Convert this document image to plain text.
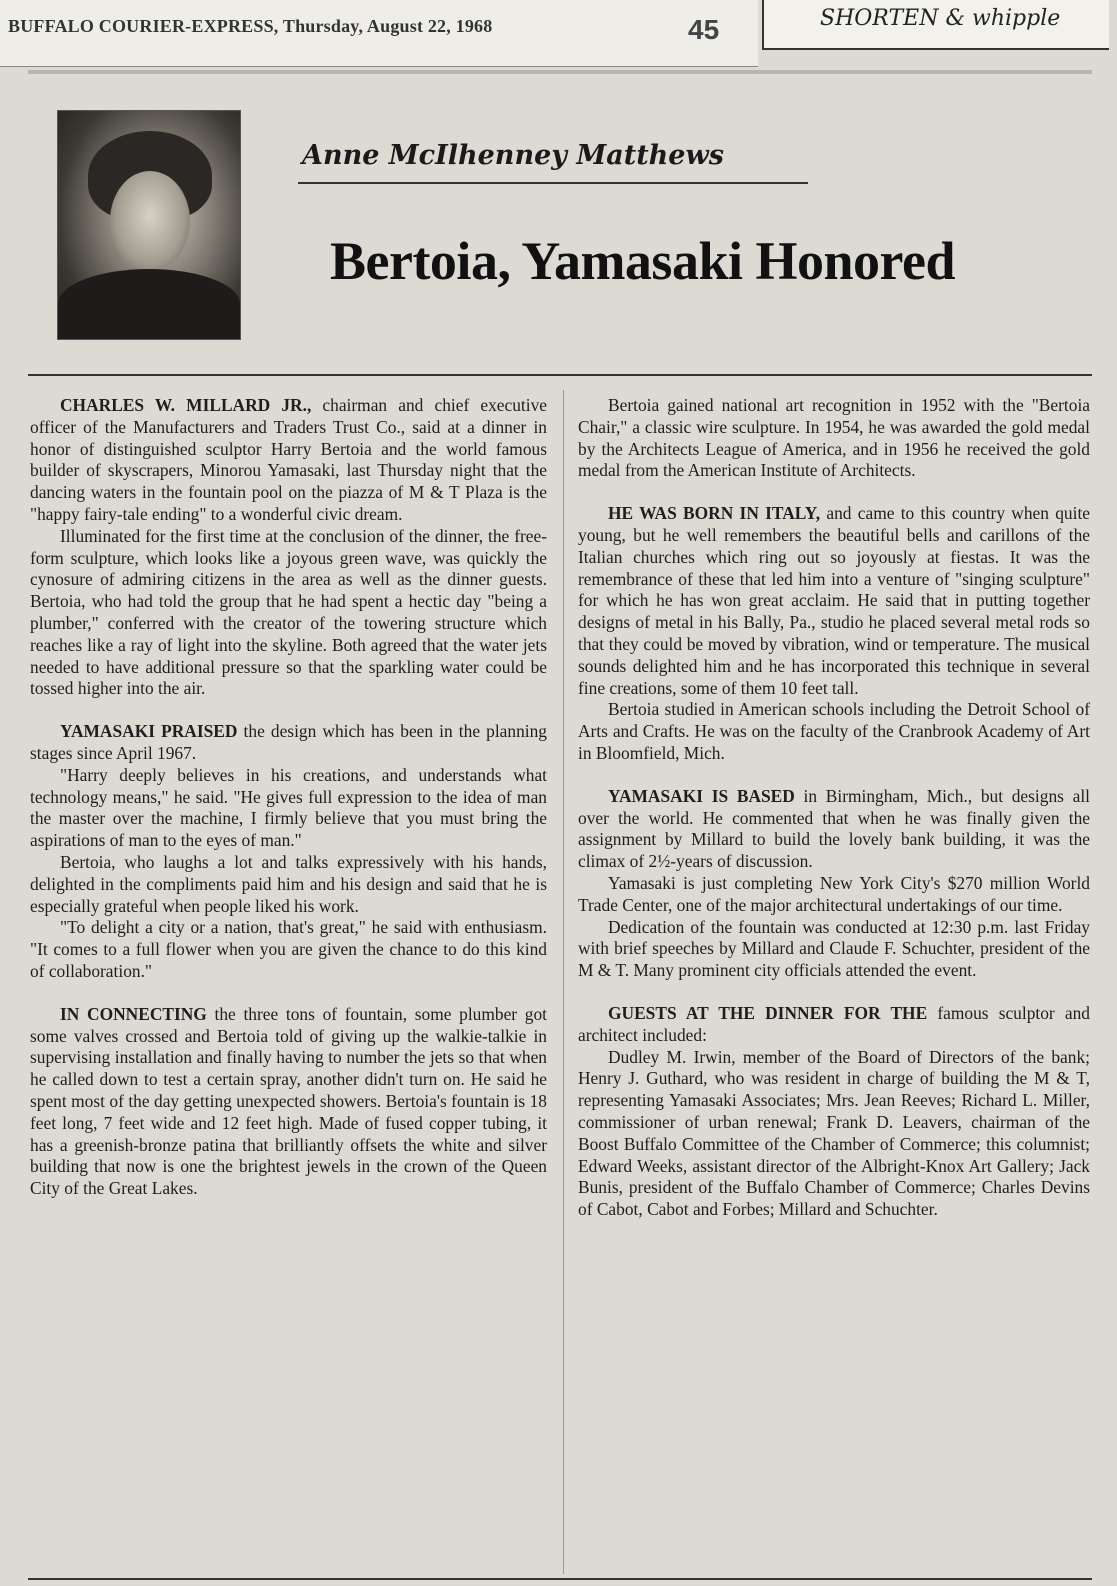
BUFFALO COURIER-EXPRESS, Thursday, August 22, 1968	45	SHORTEN & whipple
Anne McIlhenney Matthews
Bertoia, Yamasaki Honored

CHARLES W. MILLARD JR., chairman and chief executive officer of the Manufacturers and Traders Trust Co., said at a dinner in honor of distinguished sculptor Harry Bertoia and the world famous builder of skyscrapers, Minorou Yamasaki, last Thursday night that the dancing waters in the fountain pool on the piazza of M & T Plaza is the "happy fairy-tale ending" to a wonderful civic dream.

Illuminated for the first time at the conclusion of the dinner, the free-form sculpture, which looks like a joyous green wave, was quickly the cynosure of admiring citizens in the area as well as the dinner guests. Bertoia, who had told the group that he had spent a hectic day "being a plumber," conferred with the creator of the towering structure which reaches like a ray of light into the skyline. Both agreed that the water jets needed to have additional pressure so that the sparkling water could be tossed higher into the air.

YAMASAKI PRAISED the design which has been in the planning stages since April 1967.

"Harry deeply believes in his creations, and understands what technology means," he said. "He gives full expression to the idea of man the master over the machine, I firmly believe that you must bring the aspirations of man to the eyes of man."

Bertoia, who laughs a lot and talks expressively with his hands, delighted in the compliments paid him and his design and said that he is especially grateful when people liked his work.

"To delight a city or a nation, that's great," he said with enthusiasm. "It comes to a full flower when you are given the chance to do this kind of collaboration."

IN CONNECTING the three tons of fountain, some plumber got some valves crossed and Bertoia told of giving up the walkie-talkie in supervising installation and finally having to number the jets so that when he called down to test a certain spray, another didn't turn on. He said he spent most of the day getting unexpected showers. Bertoia's fountain is 18 feet long, 7 feet wide and 12 feet high. Made of fused copper tubing, it has a greenish-bronze patina that brilliantly offsets the white and silver building that now is one the brightest jewels in the crown of the Queen City of the Great Lakes.

Bertoia gained national art recognition in 1952 with the "Bertoia Chair," a classic wire sculpture. In 1954, he was awarded the gold medal by the Architects League of America, and in 1956 he received the gold medal from the American Institute of Architects.

HE WAS BORN IN ITALY, and came to this country when quite young, but he well remembers the beautiful bells and carillons of the Italian churches which ring out so joyously at fiestas. It was the remembrance of these that led him into a venture of "singing sculpture" for which he has won great acclaim. He said that in putting together designs of metal in his Bally, Pa., studio he placed several metal rods so that they could be moved by vibration, wind or temperature. The musical sounds delighted him and he has incorporated this technique in several fine creations, some of them 10 feet tall.

Bertoia studied in American schools including the Detroit School of Arts and Crafts. He was on the faculty of the Cranbrook Academy of Art in Bloomfield, Mich.

YAMASAKI IS BASED in Birmingham, Mich., but designs all over the world. He commented that when he was finally given the assignment by Millard to build the lovely bank building, it was the climax of 2½-years of discussion.

Yamasaki is just completing New York City's $270 million World Trade Center, one of the major architectural undertakings of our time.

Dedication of the fountain was conducted at 12:30 p.m. last Friday with brief speeches by Millard and Claude F. Schuchter, president of the M & T. Many prominent city officials attended the event.

GUESTS AT THE DINNER FOR THE famous sculptor and architect included:

Dudley M. Irwin, member of the Board of Directors of the bank; Henry J. Guthard, who was resident in charge of building the M & T, representing Yamasaki Associates; Mrs. Jean Reeves; Richard L. Miller, commissioner of urban renewal; Frank D. Leavers, chairman of the Boost Buffalo Committee of the Chamber of Commerce; this columnist; Edward Weeks, assistant director of the Albright-Knox Art Gallery; Jack Bunis, president of the Buffalo Chamber of Commerce; Charles Devins of Cabot, Cabot and Forbes; Millard and Schuchter.
